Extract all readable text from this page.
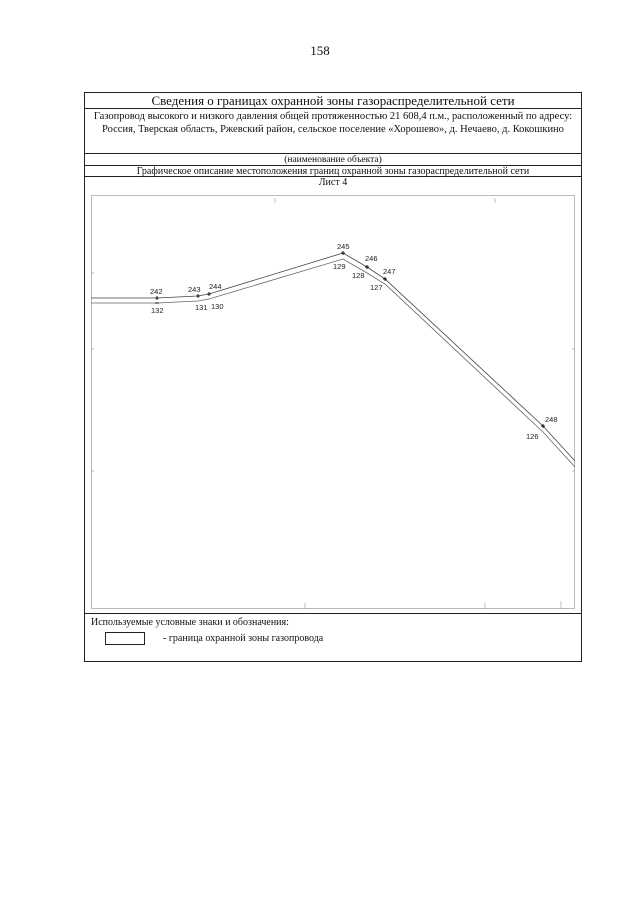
158
Сведения о границах охранной зоны газораспределительной сети
Газопровод высокого и низкого давления общей протяженностью 21 608,4 п.м., расположенный по адресу: Россия, Тверская область, Ржевский район, сельское поселение «Хорошево», д. Нечаево, д. Кокошкино
(наименование объекта)
Графическое описание местоположения границ охранной зоны газораспределительной сети
Лист 4
242	243 244
245
246
247
248
132	131 130
129
128
127
126
Используемые условные знаки и обозначения:
- граница охранной зоны газопровода
